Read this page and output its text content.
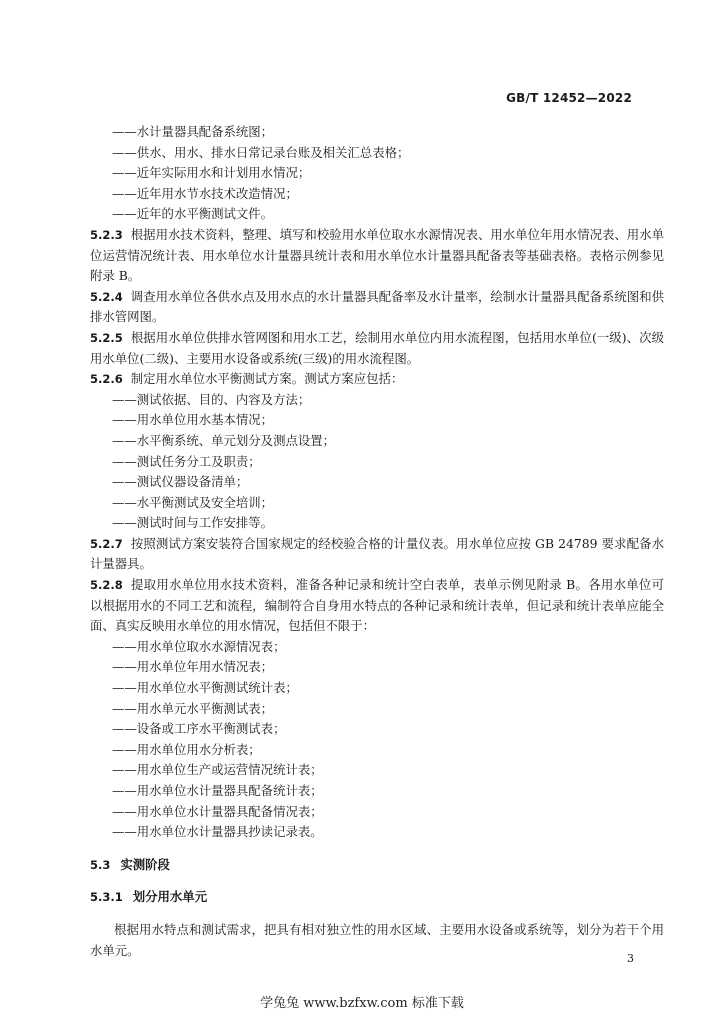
GB/T 12452—2022
——水计量器具配备系统图；
——供水、用水、排水日常记录台账及相关汇总表格；
——近年实际用水和计划用水情况；
——近年用水节水技术改造情况；
——近年的水平衡测试文件。
5.2.3 根据用水技术资料，整理、填写和校验用水单位取水水源情况表、用水单位年用水情况表、用水单位运营情况统计表、用水单位水计量器具统计表和用水单位水计量器具配备表等基础表格。表格示例参见附录 B。
5.2.4 调查用水单位各供水点及用水点的水计量器具配备率及水计量率，绘制水计量器具配备系统图和供排水管网图。
5.2.5 根据用水单位供排水管网图和用水工艺，绘制用水单位内用水流程图，包括用水单位(一级)、次级用水单位(二级)、主要用水设备或系统(三级)的用水流程图。
5.2.6 制定用水单位水平衡测试方案。测试方案应包括：
——测试依据、目的、内容及方法；
——用水单位用水基本情况；
——水平衡系统、单元划分及测点设置；
——测试任务分工及职责；
——测试仪器设备清单；
——水平衡测试及安全培训；
——测试时间与工作安排等。
5.2.7 按照测试方案安装符合国家规定的经校验合格的计量仪表。用水单位应按 GB 24789 要求配备水计量器具。
5.2.8 提取用水单位用水技术资料，准备各种记录和统计空白表单，表单示例见附录 B。各用水单位可以根据用水的不同工艺和流程，编制符合自身用水特点的各种记录和统计表单，但记录和统计表单应能全面、真实反映用水单位的用水情况，包括但不限于：
——用水单位取水水源情况表；
——用水单位年用水情况表；
——用水单位水平衡测试统计表；
——用水单元水平衡测试表；
——设备或工序水平衡测试表；
——用水单位用水分析表；
——用水单位生产或运营情况统计表；
——用水单位水计量器具配备统计表；
——用水单位水计量器具配备情况表；
——用水单位水计量器具抄读记录表。
5.3 实测阶段
5.3.1 划分用水单元
根据用水特点和测试需求，把具有相对独立性的用水区域、主要用水设备或系统等，划分为若干个用水单元。
3
学兔兔 www.bzfxw.com 标准下载
